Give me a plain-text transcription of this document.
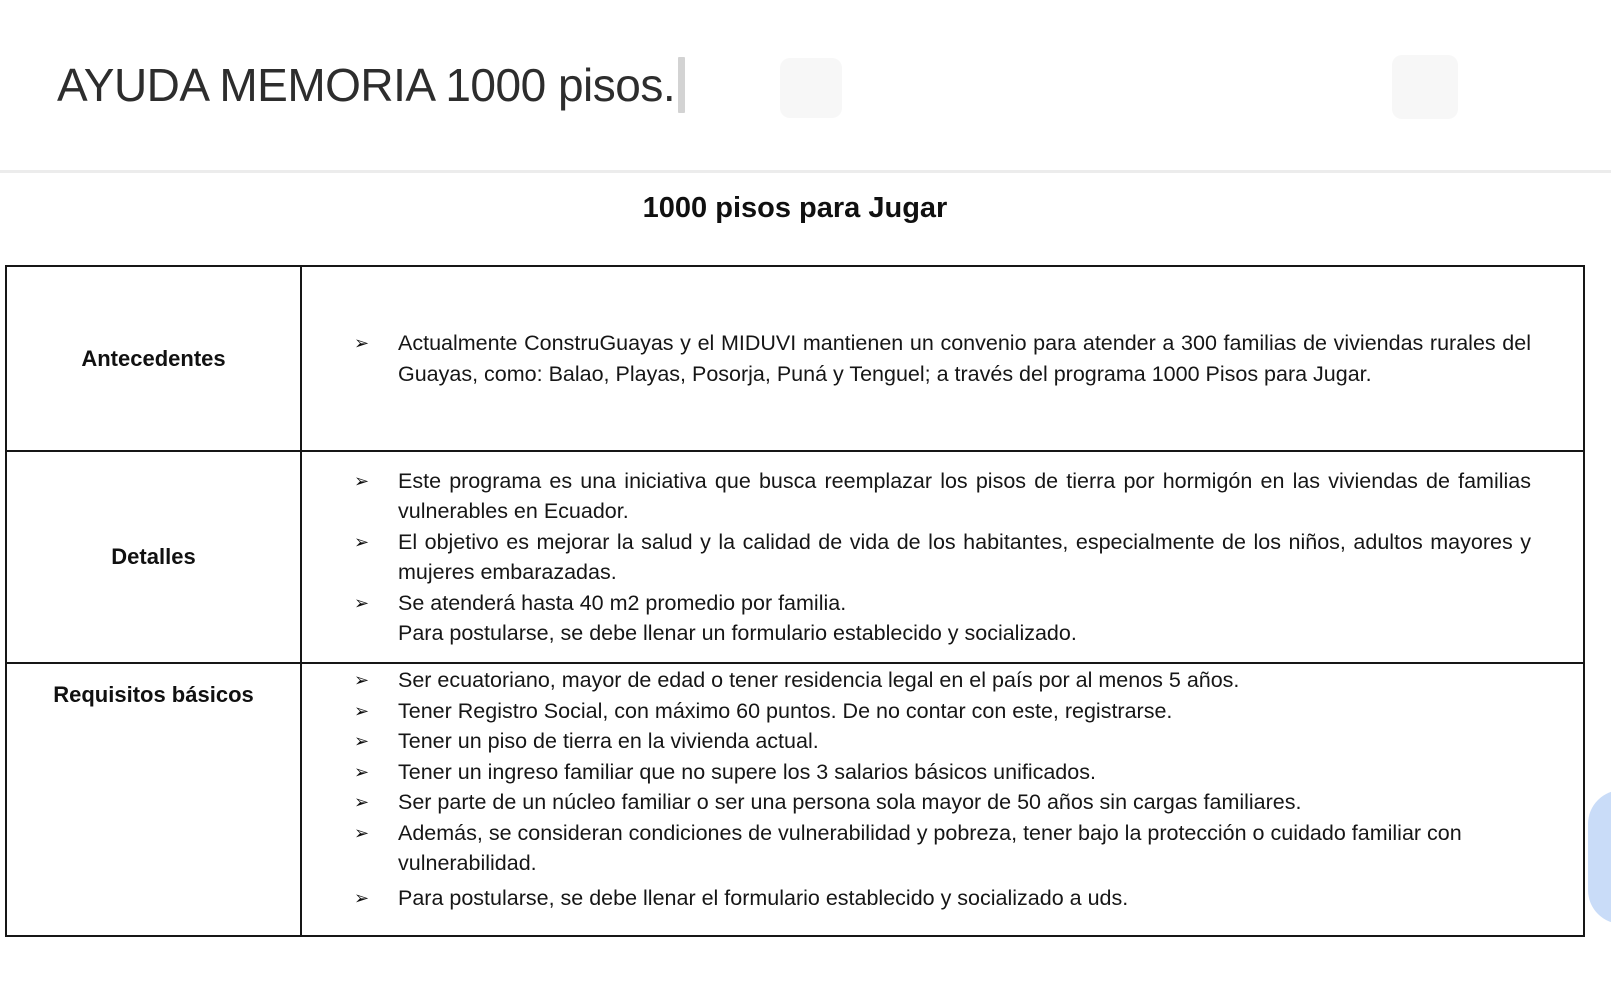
AYUDA MEMORIA 1000 pisos.
1000 pisos para Jugar
Antecedentes
➢ Actualmente ConstruGuayas y el MIDUVI mantienen un convenio para atender a 300 familias de viviendas rurales del Guayas, como: Balao, Playas, Posorja, Puná y Tenguel; a través del programa 1000 Pisos para Jugar.
Detalles
➢ Este programa es una iniciativa que busca reemplazar los pisos de tierra por hormigón en las viviendas de familias vulnerables en Ecuador.
➢ El objetivo es mejorar la salud y la calidad de vida de los habitantes, especialmente de los niños, adultos mayores y mujeres embarazadas.
➢ Se atenderá hasta 40 m2 promedio por familia.
Para postularse, se debe llenar un formulario establecido y socializado.
Requisitos básicos
➢ Ser ecuatoriano, mayor de edad o tener residencia legal en el país por al menos 5 años.
➢ Tener Registro Social, con máximo 60 puntos. De no contar con este, registrarse.
➢ Tener un piso de tierra en la vivienda actual.
➢ Tener un ingreso familiar que no supere los 3 salarios básicos unificados.
➢ Ser parte de un núcleo familiar o ser una persona sola mayor de 50 años sin cargas familiares.
➢ Además, se consideran condiciones de vulnerabilidad y pobreza, tener bajo la protección o cuidado familiar con vulnerabilidad.
➢ Para postularse, se debe llenar el formulario establecido y socializado a uds.
